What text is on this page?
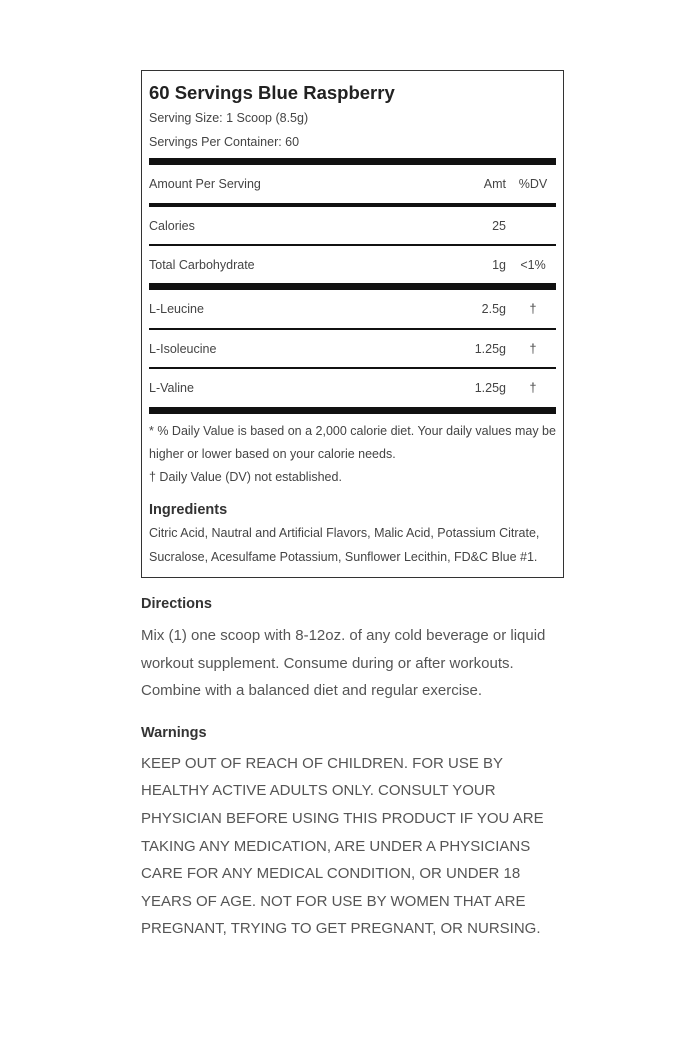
60 Servings Blue Raspberry
Serving Size: 1 Scoop (8.5g)
Servings Per Container: 60
Amount Per Serving	Amt	%DV
Calories	25
Total Carbohydrate	1g	<1%
L-Leucine	2.5g	†
L-Isoleucine	1.25g	†
L-Valine	1.25g	†
* % Daily Value is based on a 2,000 calorie diet. Your daily values may be higher or lower based on your calorie needs.
† Daily Value (DV) not established.
Ingredients
Citric Acid, Nautral and Artificial Flavors, Malic Acid, Potassium Citrate, Sucralose, Acesulfame Potassium, Sunflower Lecithin, FD&C Blue #1.
Directions
Mix (1) one scoop with 8-12oz. of any cold beverage or liquid workout supplement. Consume during or after workouts. Combine with a balanced diet and regular exercise.
Warnings
KEEP OUT OF REACH OF CHILDREN. FOR USE BY HEALTHY ACTIVE ADULTS ONLY. CONSULT YOUR PHYSICIAN BEFORE USING THIS PRODUCT IF YOU ARE TAKING ANY MEDICATION, ARE UNDER A PHYSICIANS CARE FOR ANY MEDICAL CONDITION, OR UNDER 18 YEARS OF AGE. NOT FOR USE BY WOMEN THAT ARE PREGNANT, TRYING TO GET PREGNANT, OR NURSING.
